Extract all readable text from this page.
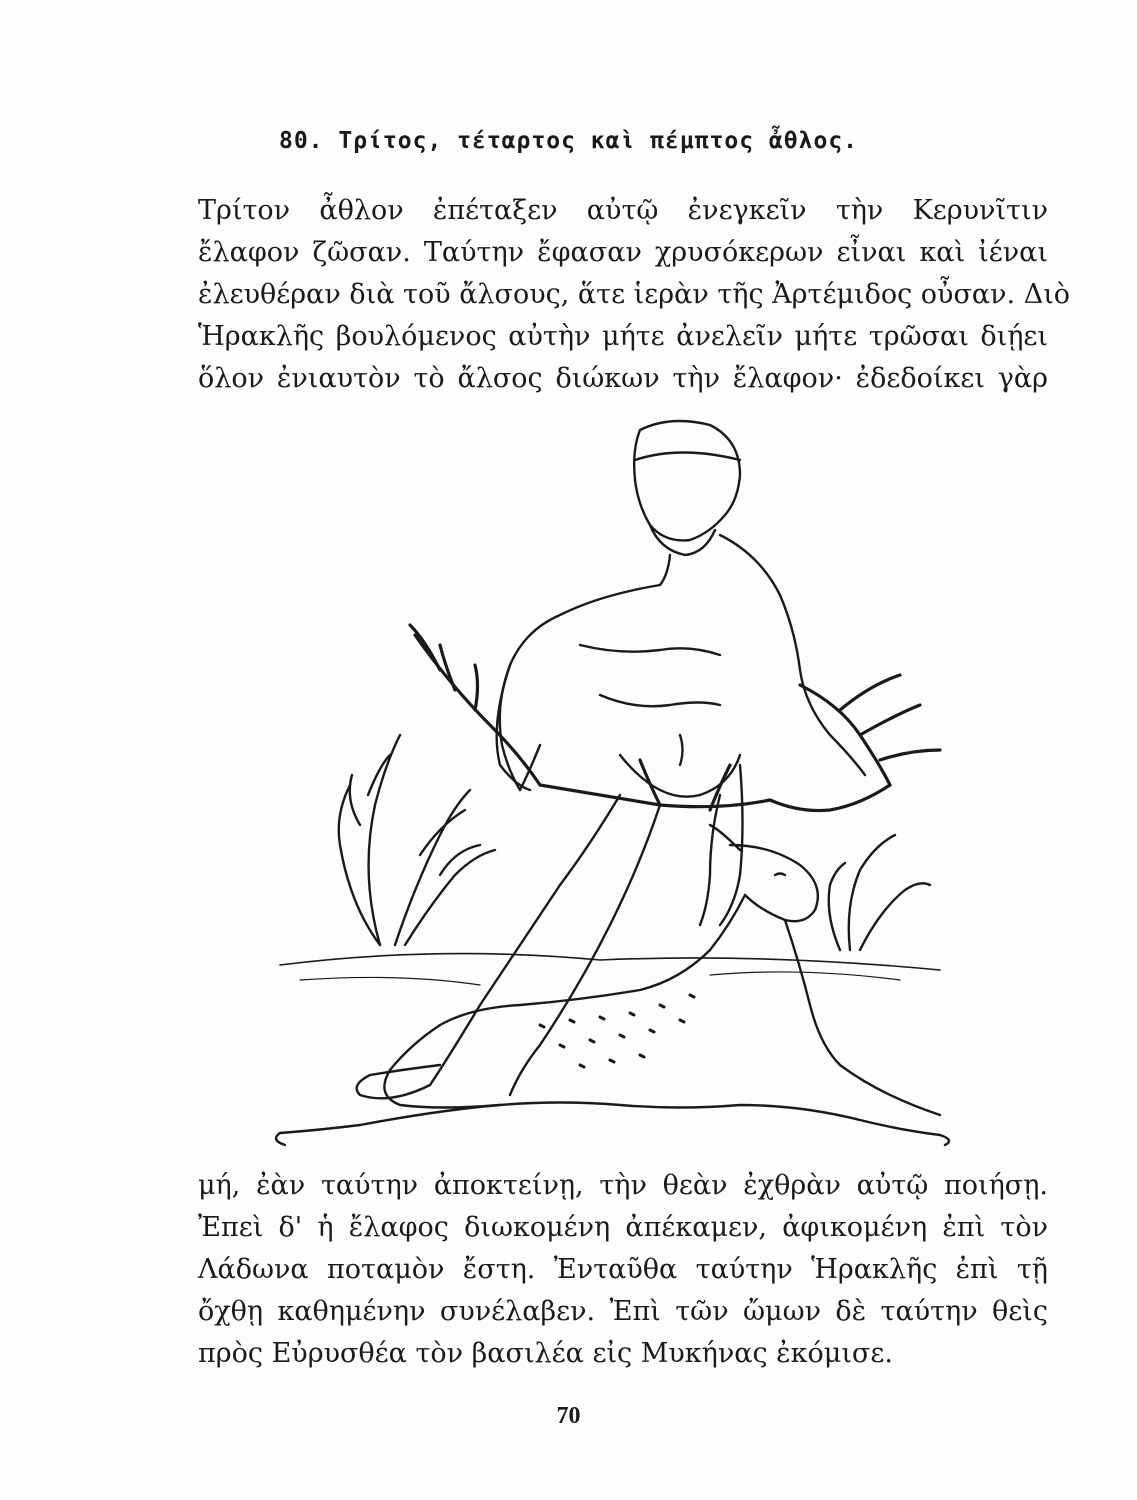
80. Τρίτος, τέταρτος καὶ πέμπτος ἆθλος.
Τρίτον ἆθλον ἐπέταξεν αὐτῷ ἐνεγκεῖν τὴν Κερυνῖτιν
ἔλαφον ζῶσαν. Ταύτην ἔφασαν χρυσόκερων εἶναι καὶ ἰέναι
ἐλευθέραν διὰ τοῦ ἄλσους, ἅτε ἱερὰν τῆς Ἀρτέμιδος οὖσαν. Διὸ
Ἡρακλῆς βουλόμενος αὐτὴν μήτε ἀνελεῖν μήτε τρῶσαι διῄει
ὅλον ἐνιαυτὸν τὸ ἄλσος διώκων τὴν ἔλαφον· ἐδεδοίκει γὰρ
μή, ἐὰν ταύτην ἀποκτείνῃ, τὴν θεὰν ἐχθρὰν αὐτῷ ποιήσῃ.
Ἐπεὶ δ' ἡ ἔλαφος διωκομένη ἀπέκαμεν, ἀφικομένη ἐπὶ τὸν
Λάδωνα ποταμὸν ἔστη. Ἐνταῦθα ταύτην Ἡρακλῆς ἐπὶ τῇ
ὄχθῃ καθημένην συνέλαβεν. Ἐπὶ τῶν ὤμων δὲ ταύτην θεὶς
πρὸς Εὐρυσθέα τὸν βασιλέα εἰς Μυκήνας ἐκόμισε.
70
